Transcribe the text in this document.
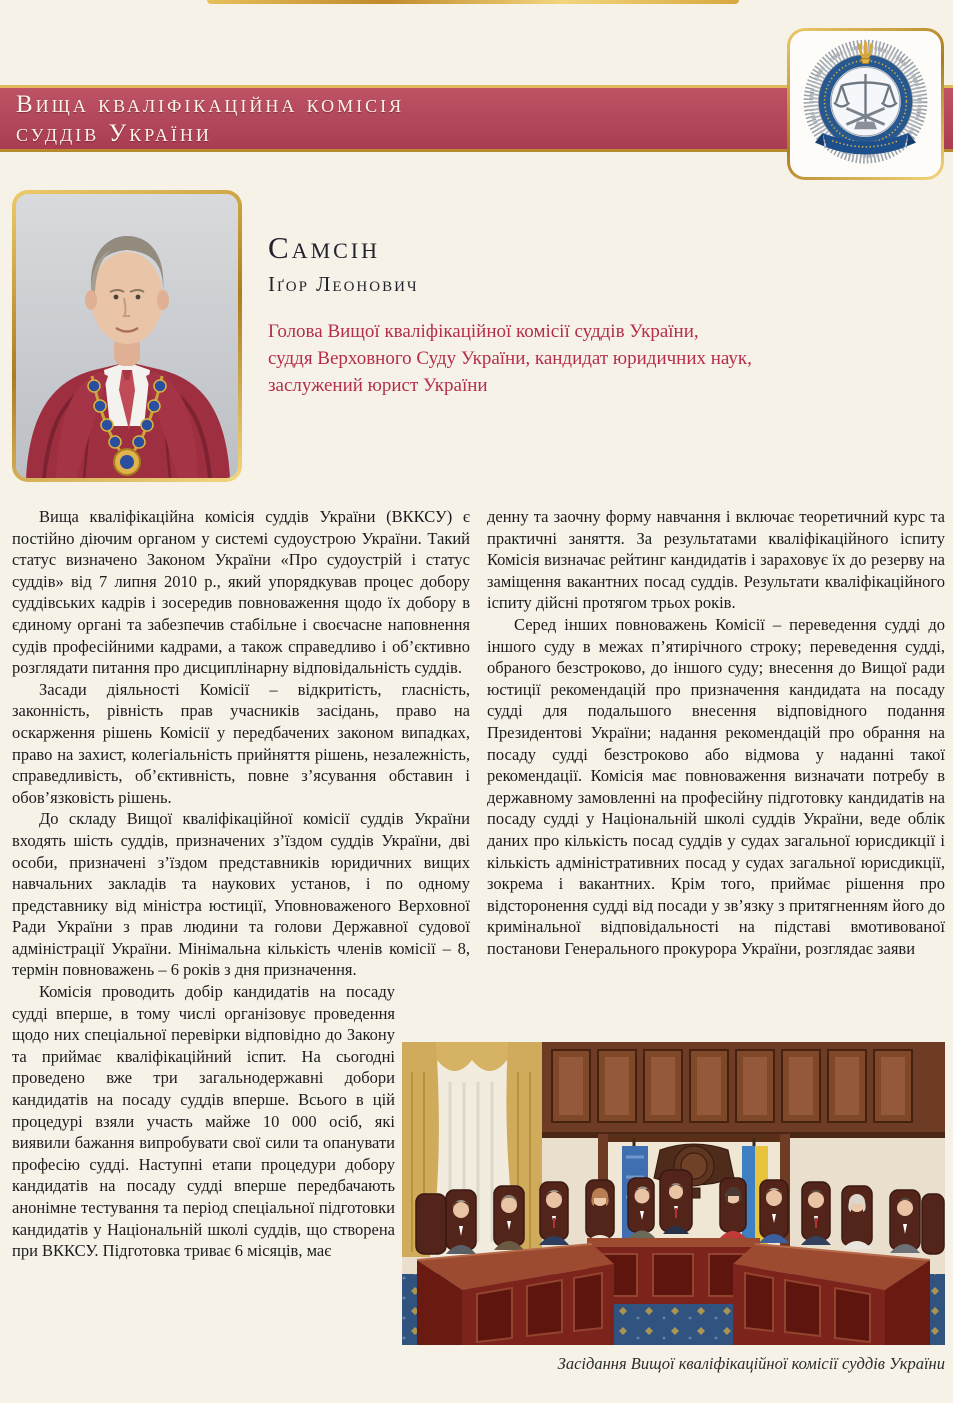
Вища кваліфікаційна комісія
суддів України
Самсін
Іґор Леонович
Голова Вищої кваліфікаційної комісії суддів України,
суддя Верховного Суду України, кандидат юридичних наук,
заслужений юрист України

Вища кваліфікаційна комісія суддів України (ВККСУ) є постійно діючим органом у системі судоустрою України. Такий статус визначено Законом України «Про судоустрій і статус суддів» від 7 липня 2010 р., який упорядкував процес добору суддівських кадрів і зосередив повноваження щодо їх добору в єдиному органі та забезпечив стабільне і своєчасне наповнення судів професійними кадрами, а також справедливо і об’єктивно розглядати питання про дисциплінарну відповідальність суддів.

Засади діяльності Комісії – відкритість, гласність, законність, рівність прав учасників засідань, право на оскарження рішень Комісії у передбачених законом випадках, право на захист, колегіальність прийняття рішень, незалежність, справедливість, об’єктивність, повне з’ясування обставин і обов’язковість рішень.

До складу Вищої кваліфікаційної комісії суддів України входять шість суддів, призначених з’їздом суддів України, дві особи, призначені з’їздом представників юридичних вищих навчальних закладів та наукових установ, і по одному представнику від міністра юстиції, Уповноваженого Верховної Ради України з прав людини та голови Державної судової адміністрації України. Мінімальна кількість членів комісії – 8, термін повноважень – 6 років з дня призначення.

Комісія проводить добір кандидатів на посаду судді вперше, в тому числі організовує проведення щодо них спеціальної перевірки відповідно до Закону та приймає кваліфікаційний іспит. На сьогодні проведено вже три загальнодержавні добори кандидатів на посаду суддів вперше. Всього в цій процедурі взяли участь майже 10 000 осіб, які виявили бажання випробувати свої сили та опанувати професію судді. Наступні етапи процедури добору кандидатів на посаду судді вперше передбачають анонімне тестування та період спеціальної підготовки кандидатів у Національній школі суддів, що створена при ВККСУ. Підготовка триває 6 місяців, має

денну та заочну форму навчання і включає теоретичний курс та практичні заняття. За результатами кваліфікаційного іспиту Комісія визначає рейтинг кандидатів і зараховує їх до резерву на заміщення вакантних посад суддів. Результати кваліфікаційного іспиту дійсні протягом трьох років.

Серед інших повноважень Комісії – переведення судді до іншого суду в межах п’ятирічного строку; переведення судді, обраного безстроково, до іншого суду; внесення до Вищої ради юстиції рекомендацій про призначення кандидата на посаду судді для подальшого внесення відповідного подання Президентові України; надання рекомендацій про обрання на посаду судді безстроково або відмова у наданні такої рекомендації. Комісія має повноваження визначати потребу в державному замовленні на професійну підготовку кандидатів на посаду судді у Національній школі суддів України, веде облік даних про кількість посад суддів у судах загальної юрисдикції і кількість адміністративних посад у судах загальної юрисдикції, зокрема і вакантних. Крім того, приймає рішення про відсторонення судді від посади у зв’язку з притягненням його до кримінальної відповідальності на підставі вмотивованої постанови Генерального прокурора України, розглядає заяви

Засідання Вищої кваліфікаційної комісії суддів України
